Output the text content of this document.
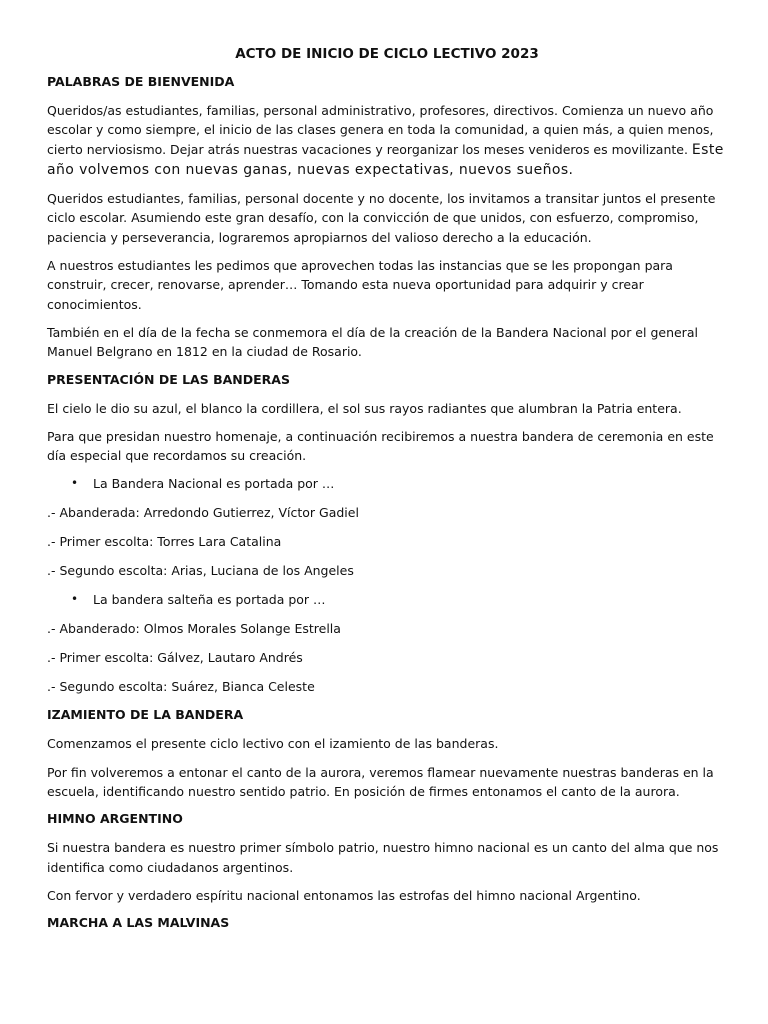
ACTO DE INICIO DE CICLO LECTIVO 2023
PALABRAS DE BIENVENIDA

Queridos/as estudiantes, familias, personal administrativo, profesores, directivos. Comienza un nuevo año escolar y como siempre, el inicio de las clases genera en toda la comunidad, a quien más, a quien menos, cierto nerviosismo. Dejar atrás nuestras vacaciones y reorganizar los meses venideros es movilizante. Este año volvemos con nuevas ganas, nuevas expectativas, nuevos sueños.

Queridos estudiantes, familias, personal docente y no docente, los invitamos a transitar juntos el presente ciclo escolar. Asumiendo este gran desafío, con la convicción de que unidos, con esfuerzo, compromiso, paciencia y perseverancia, lograremos apropiarnos del valioso derecho a la educación.

A nuestros estudiantes les pedimos que aprovechen todas las instancias que se les propongan para construir, crecer, renovarse, aprender… Tomando esta nueva oportunidad para adquirir y crear conocimientos.

También en el día de la fecha se conmemora el día de la creación de la Bandera Nacional por el general Manuel Belgrano en 1812 en la ciudad de Rosario.

PRESENTACIÓN DE LAS BANDERAS

El cielo le dio su azul, el blanco la cordillera, el sol sus rayos radiantes que alumbran la Patria entera.

Para que presidan nuestro homenaje, a continuación recibiremos a nuestra bandera de ceremonia en este día especial que recordamos su creación.

• La Bandera Nacional es portada por …
.- Abanderada: Arredondo Gutierrez, Víctor Gadiel
.- Primer escolta: Torres Lara Catalina
.- Segundo escolta: Arias, Luciana de los Angeles
• La bandera salteña es portada por …
.- Abanderado: Olmos Morales Solange Estrella
.- Primer escolta: Gálvez, Lautaro Andrés
.- Segundo escolta: Suárez, Bianca Celeste
IZAMIENTO DE LA BANDERA

Comenzamos el presente ciclo lectivo con el izamiento de las banderas.

Por fin volveremos a entonar el canto de la aurora, veremos flamear nuevamente nuestras banderas en la escuela, identificando nuestro sentido patrio. En posición de firmes entonamos el canto de la aurora.

HIMNO ARGENTINO

Si nuestra bandera es nuestro primer símbolo patrio, nuestro himno nacional es un canto del alma que nos identifica como ciudadanos argentinos.

Con fervor y verdadero espíritu nacional entonamos las estrofas del himno nacional Argentino.

MARCHA A LAS MALVINAS
